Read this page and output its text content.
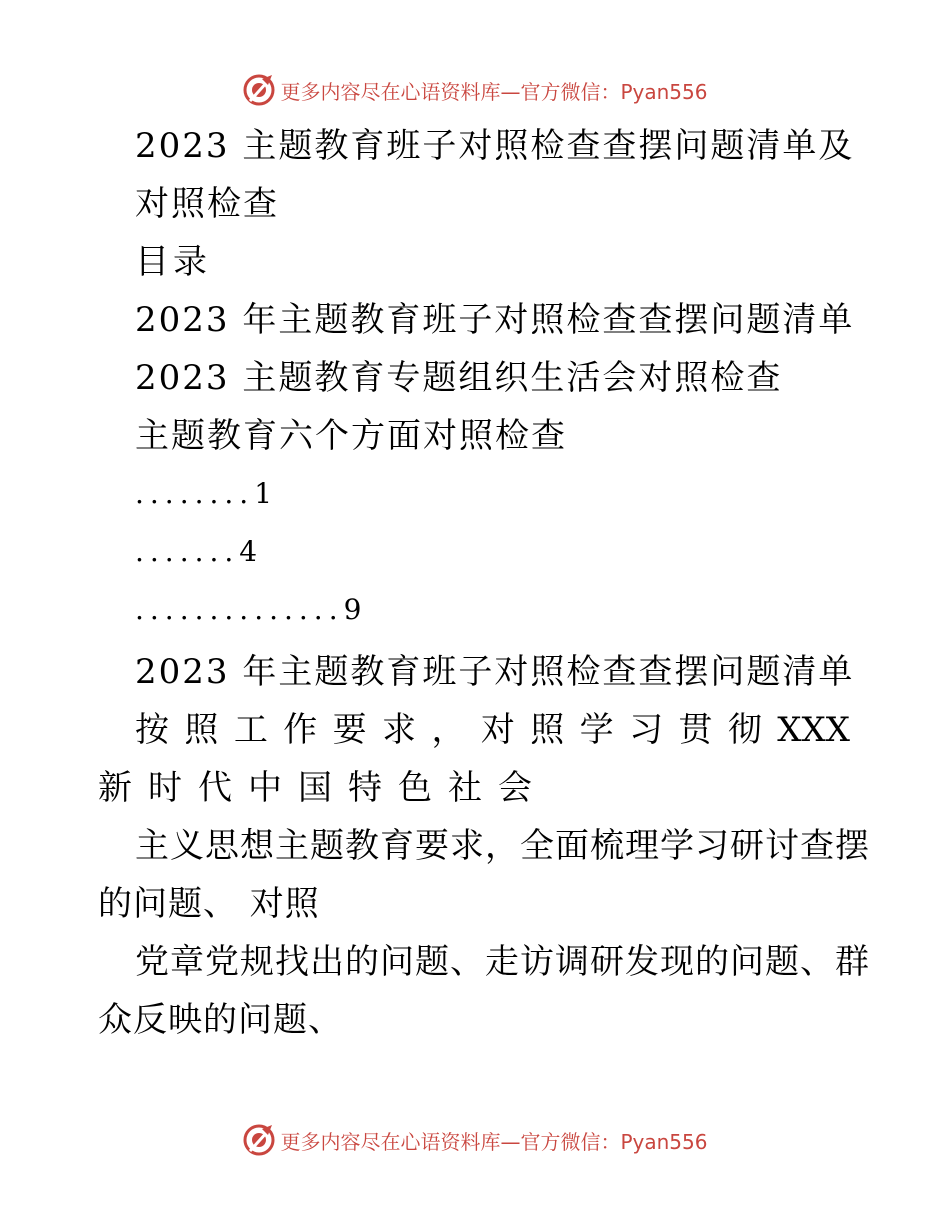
更多内容尽在心语资料库—官方微信：Pyan556
2023 主题教育班子对照检查查摆问题清单及
对照检查
目录
2023 年主题教育班子对照检查查摆问题清单
2023 主题教育专题组织生活会对照检查
主题教育六个方面对照检查
........1
.......4
..............9
2023 年主题教育班子对照检查查摆问题清单
按 照 工 作 要 求 ， 对 照 学 习 贯 彻 XXX
新时代中国特色社会
主义思想主题教育要求，全面梳理学习研讨查摆
的问题、 对照
党章党规找出的问题、走访调研发现的问题、群
众反映的问题、
更多内容尽在心语资料库—官方微信：Pyan556
